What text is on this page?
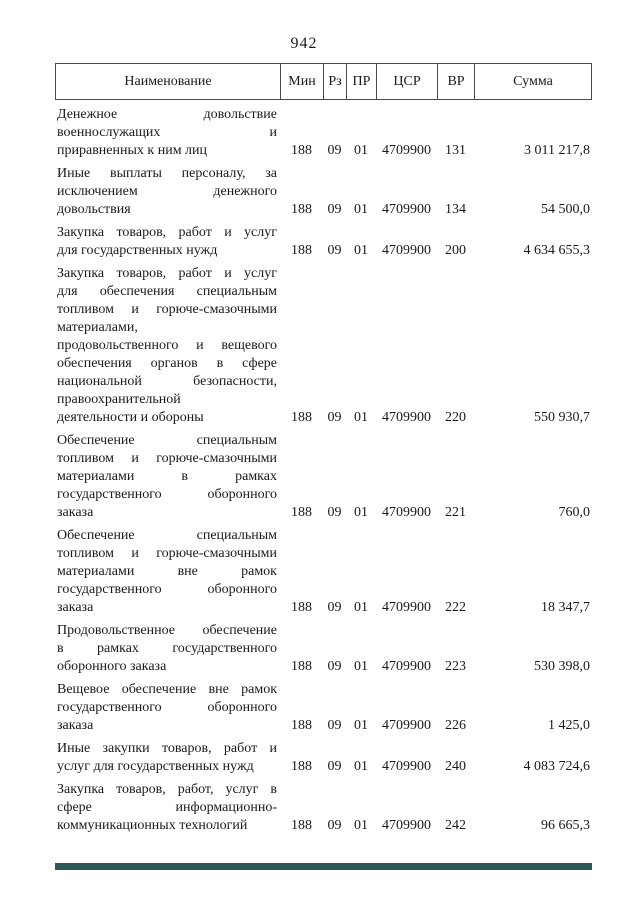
942
Наименование	Мин Рз ПР	ЦСР	ВР	Сумма
Денежное довольствие
военнослужащих и
приравненных к ним лиц	188	09 01	4709900	131	3 011 217,8
Иные выплаты персоналу, за
исключением денежного
довольствия	188	09 01	4709900	134	54 500,0
Закупка товаров, работ и услуг
для государственных нужд	188	09 01	4709900	200	4 634 655,3
Закупка товаров, работ и услуг
для обеспечения специальным
топливом и горюче-смазочными
материалами,
продовольственного и вещевого
обеспечения органов в сфере
национальной безопасности,
правоохранительной
деятельности и обороны	188	09 01	4709900	220	550 930,7
Обеспечение специальным
топливом и горюче-смазочными
материалами в рамках
государственного оборонного
заказа	188	09 01	4709900	221	760,0
Обеспечение специальным
топливом и горюче-смазочными
материалами вне рамок
государственного оборонного
заказа	188	09 01	4709900	222	18 347,7
Продовольственное обеспечение
в рамках государственного
оборонного заказа	188	09 01	4709900	223	530 398,0
Вещевое обеспечение вне рамок
государственного оборонного
заказа	188	09 01	4709900	226	1 425,0
Иные закупки товаров, работ и
услуг для государственных нужд	188	09 01	4709900	240	4 083 724,6
Закупка товаров, работ, услуг в
сфере информационно-
коммуникационных технологий	188	09 01	4709900	242	96 665,3
